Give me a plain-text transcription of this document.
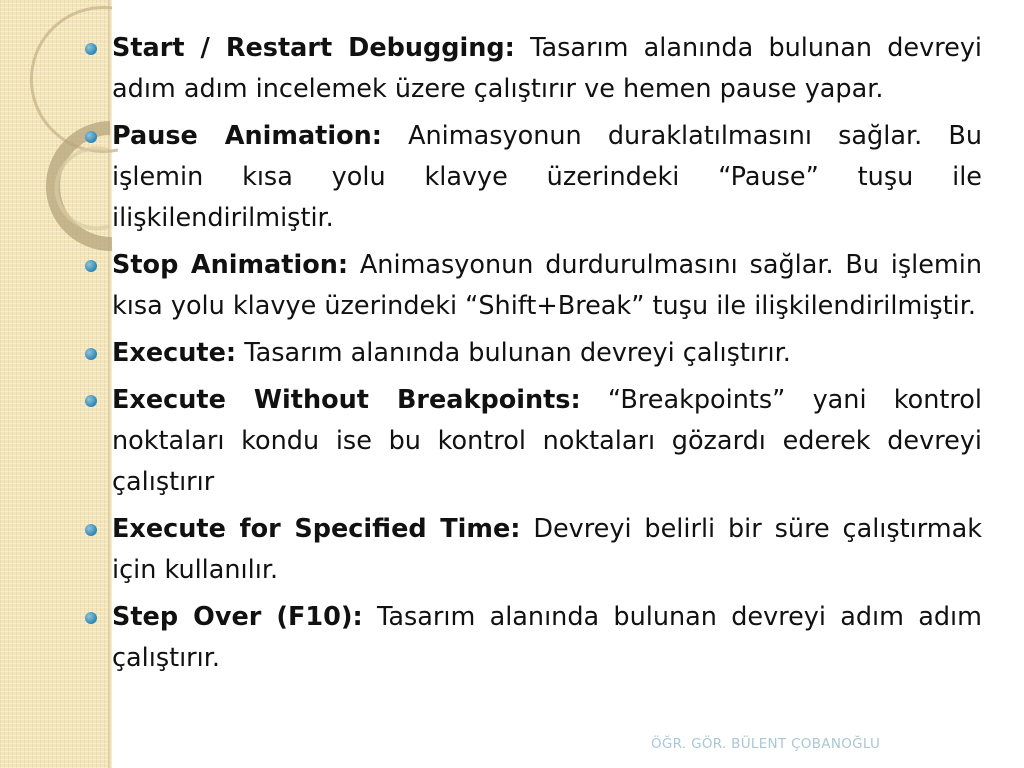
Start / Restart Debugging: Tasarım alanında bulunan devreyi adım adım incelemek üzere çalıştırır ve hemen pause yapar.
Pause Animation: Animasyonun duraklatılmasını sağlar. Bu işlemin kısa yolu klavye üzerindeki “Pause” tuşu ile ilişkilendirilmiştir.
Stop Animation: Animasyonun durdurulmasını sağlar. Bu işlemin kısa yolu klavye üzerindeki “Shift+Break” tuşu ile ilişkilendirilmiştir.
Execute: Tasarım alanında bulunan devreyi çalıştırır.
Execute Without Breakpoints: “Breakpoints” yani kontrol noktaları kondu ise bu kontrol noktaları gözardı ederek devreyi çalıştırır
Execute for Specified Time: Devreyi belirli bir süre çalıştırmak için kullanılır.
Step Over (F10): Tasarım alanında bulunan devreyi adım adım çalıştırır.
ÖĞR. GÖR. BÜLENT ÇOBANOĞLU
